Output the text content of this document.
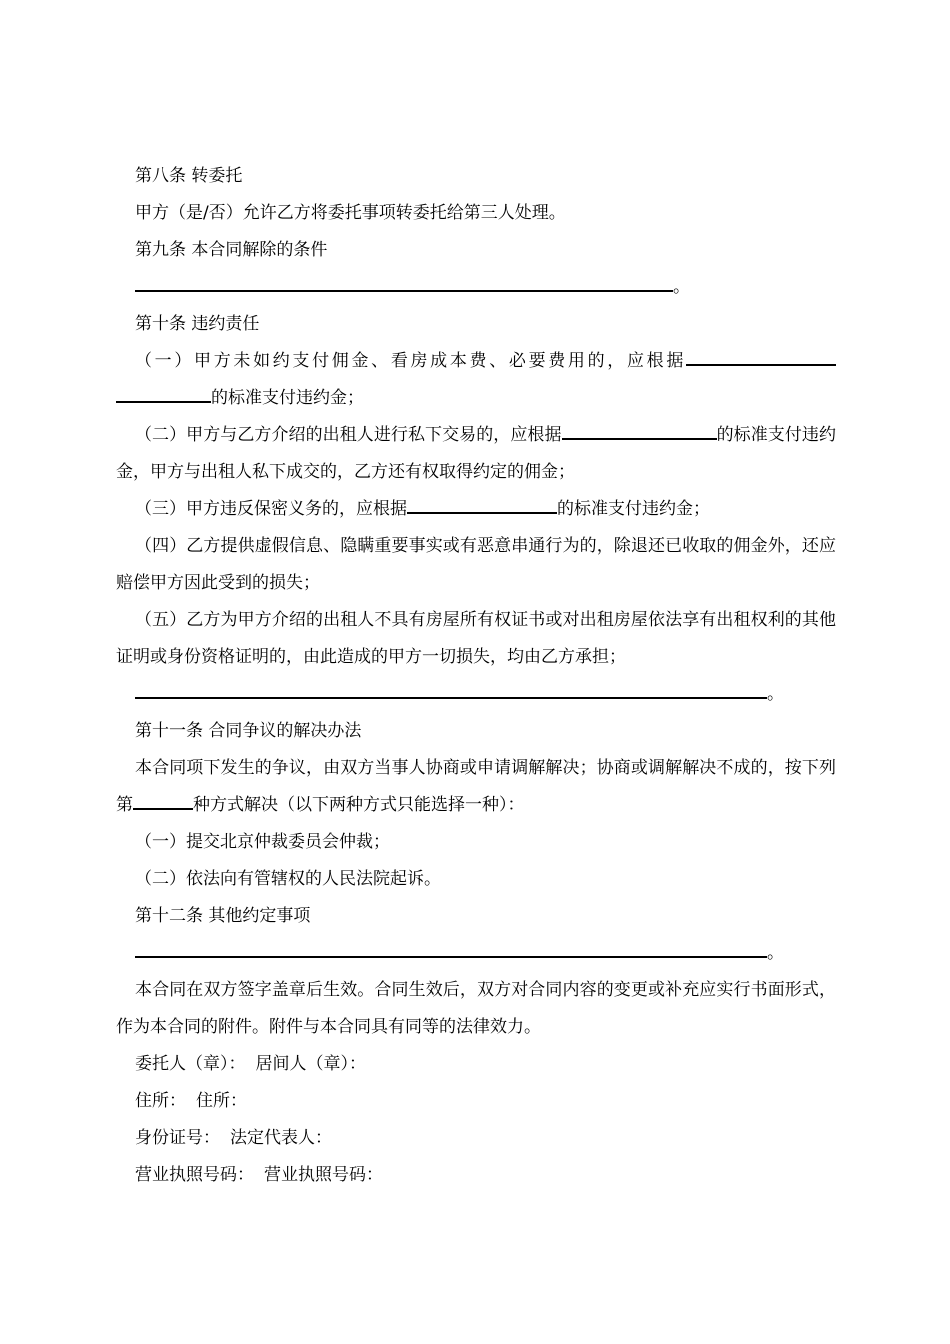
第八条 转委托
甲方（是/否）允许乙方将委托事项转委托给第三人处理。
第九条 本合同解除的条件
。
第十条 违约责任
（一）甲方未如约支付佣金、看房成本费、必要费用的，应根据的标准支付违约金；
（二）甲方与乙方介绍的出租人进行私下交易的，应根据	的标准支付违约金，甲方与出租人私下成交的，乙方还有权取得约定的佣金；
（三）甲方违反保密义务的，应根据	的标准支付违约金；
（四）乙方提供虚假信息、隐瞒重要事实或有恶意串通行为的，除退还已收取的佣金外，还应赔偿甲方因此受到的损失；
（五）乙方为甲方介绍的出租人不具有房屋所有权证书或对出租房屋依法享有出租权利的其他证明或身份资格证明的，由此造成的甲方一切损失，均由乙方承担；
。
第十一条 合同争议的解决办法
本合同项下发生的争议，由双方当事人协商或申请调解解决；协商或调解解决不成的，按下列第	种方式解决（以下两种方式只能选择一种）：
（一）提交北京仲裁委员会仲裁；
（二）依法向有管辖权的人民法院起诉。
第十二条 其他约定事项
。
本合同在双方签字盖章后生效。合同生效后，双方对合同内容的变更或补充应实行书面形式，作为本合同的附件。附件与本合同具有同等的法律效力。
委托人（章）： 居间人（章）：
住所： 住所：
身份证号： 法定代表人：
营业执照号码： 营业执照号码：
